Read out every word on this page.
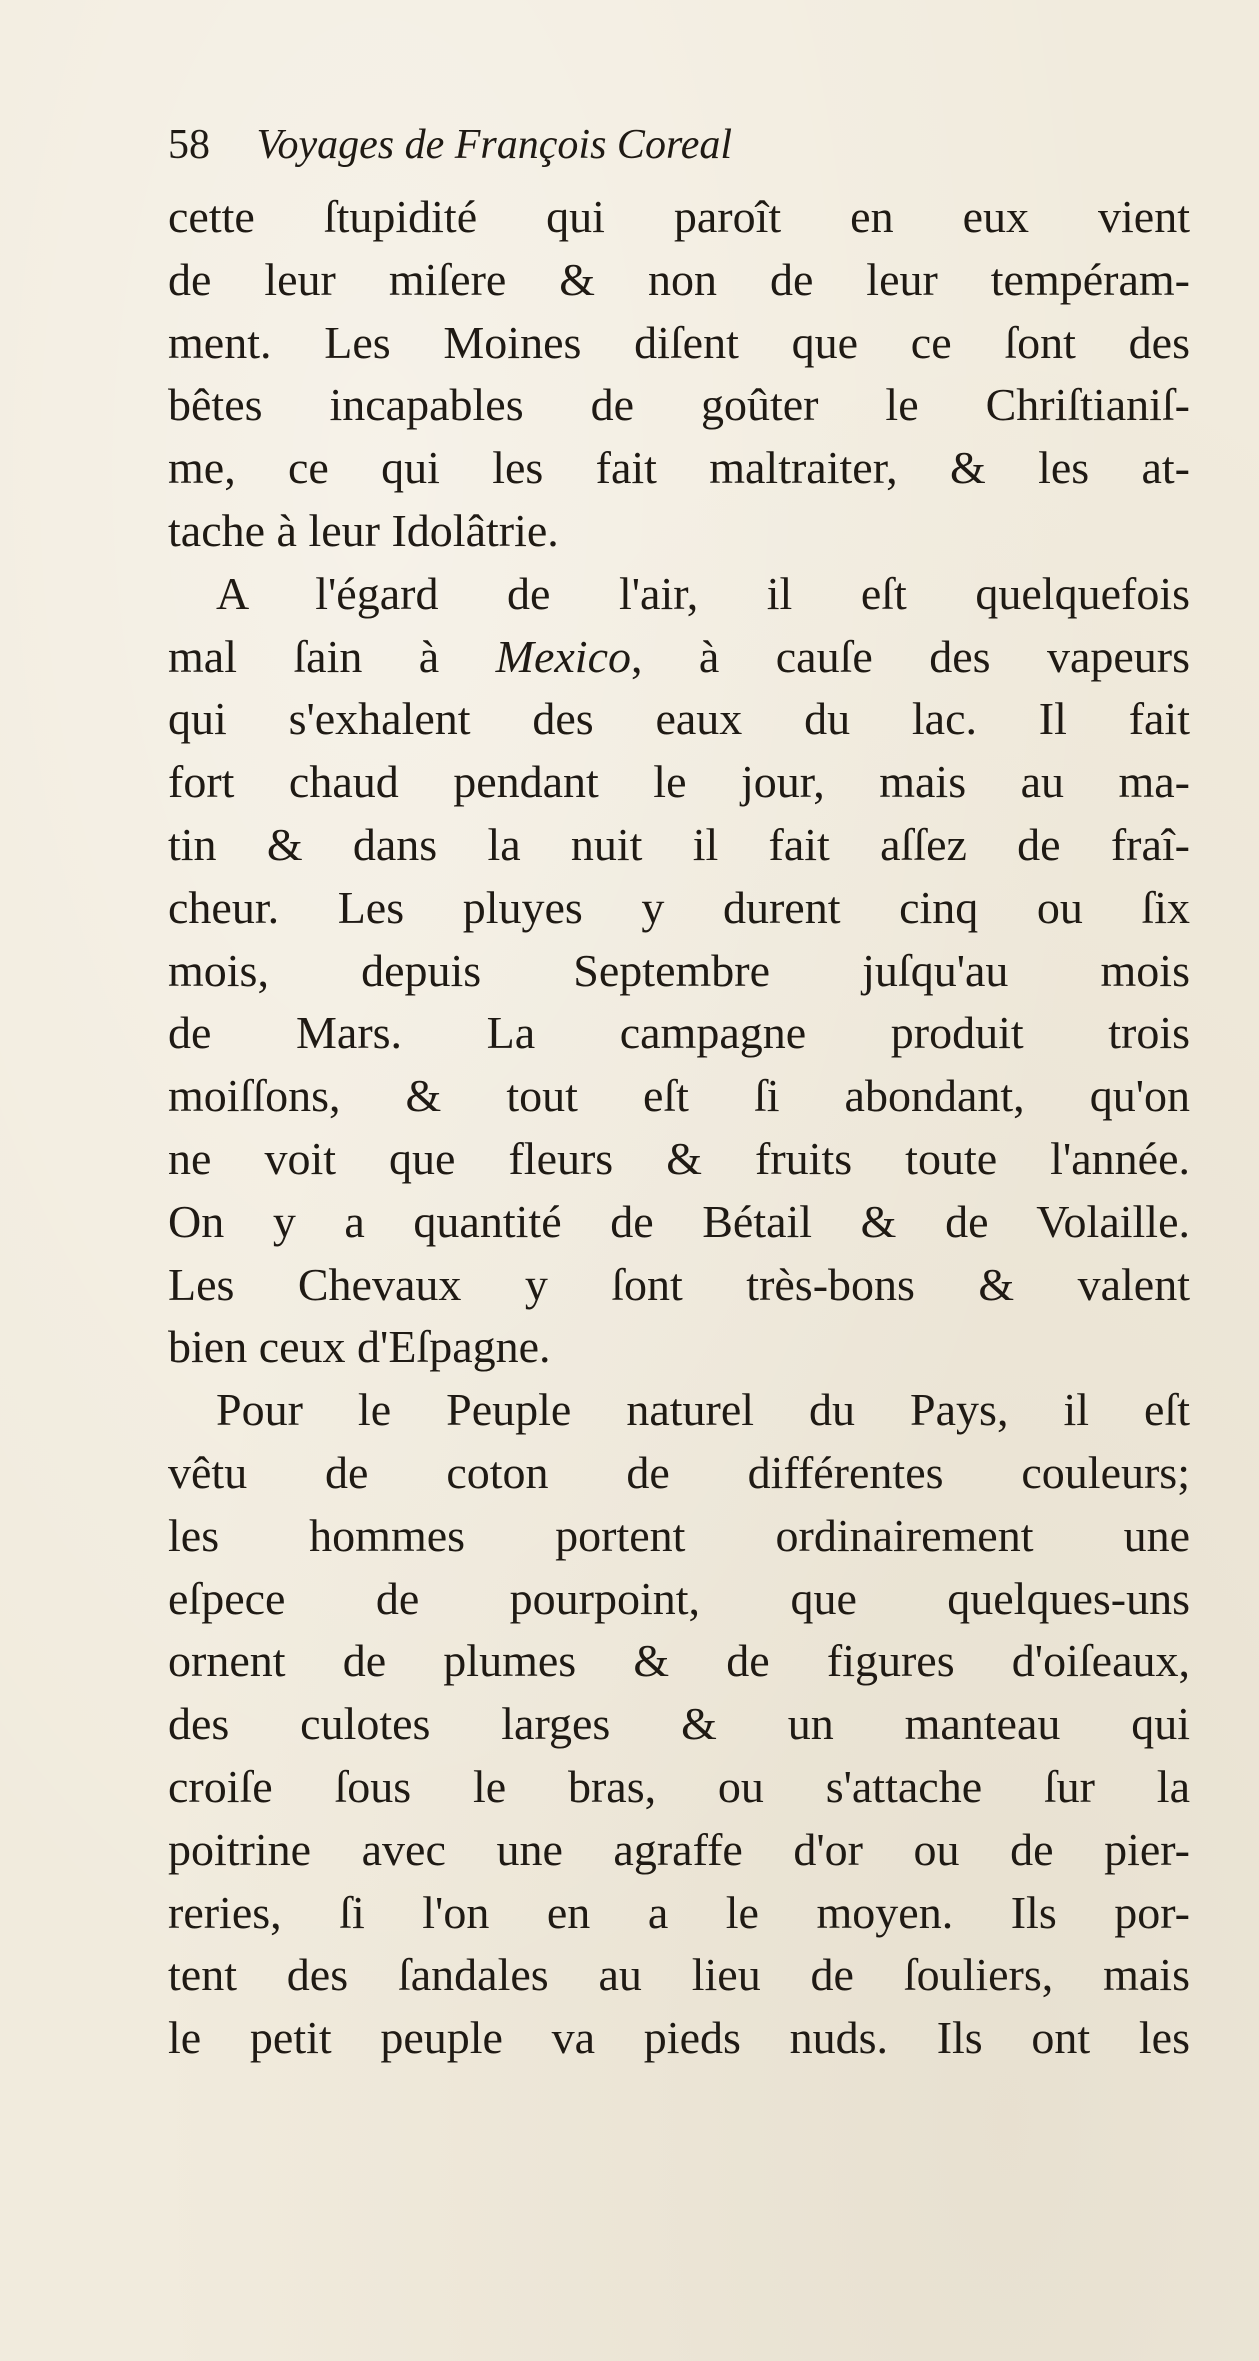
58 Voyages de François Coreal
cette ſtupidité qui paroît en eux vient
de leur miſere & non de leur tempéram-
ment. Les Moines diſent que ce ſont des
bêtes incapables de goûter le Chriſtianiſ-
me, ce qui les fait maltraiter, & les at-
tache à leur Idolâtrie.
A l'égard de l'air, il eſt quelquefois
mal ſain à Mexico, à cauſe des vapeurs
qui s'exhalent des eaux du lac. Il fait
fort chaud pendant le jour, mais au ma-
tin & dans la nuit il fait aſſez de fraî-
cheur. Les pluyes y durent cinq ou ſix
mois, depuis Septembre juſqu'au mois
de Mars. La campagne produit trois
moiſſons, & tout eſt ſi abondant, qu'on
ne voit que fleurs & fruits toute l'année.
On y a quantité de Bétail & de Volaille.
Les Chevaux y ſont très-bons & valent
bien ceux d'Eſpagne.
Pour le Peuple naturel du Pays, il eſt
vêtu de coton de différentes couleurs;
les hommes portent ordinairement une
eſpece de pourpoint, que quelques-uns
ornent de plumes & de figures d'oiſeaux,
des culotes larges & un manteau qui
croiſe ſous le bras, ou s'attache ſur la
poitrine avec une agraffe d'or ou de pier-
reries, ſi l'on en a le moyen. Ils por-
tent des ſandales au lieu de ſouliers, mais
le petit peuple va pieds nuds. Ils ont les
